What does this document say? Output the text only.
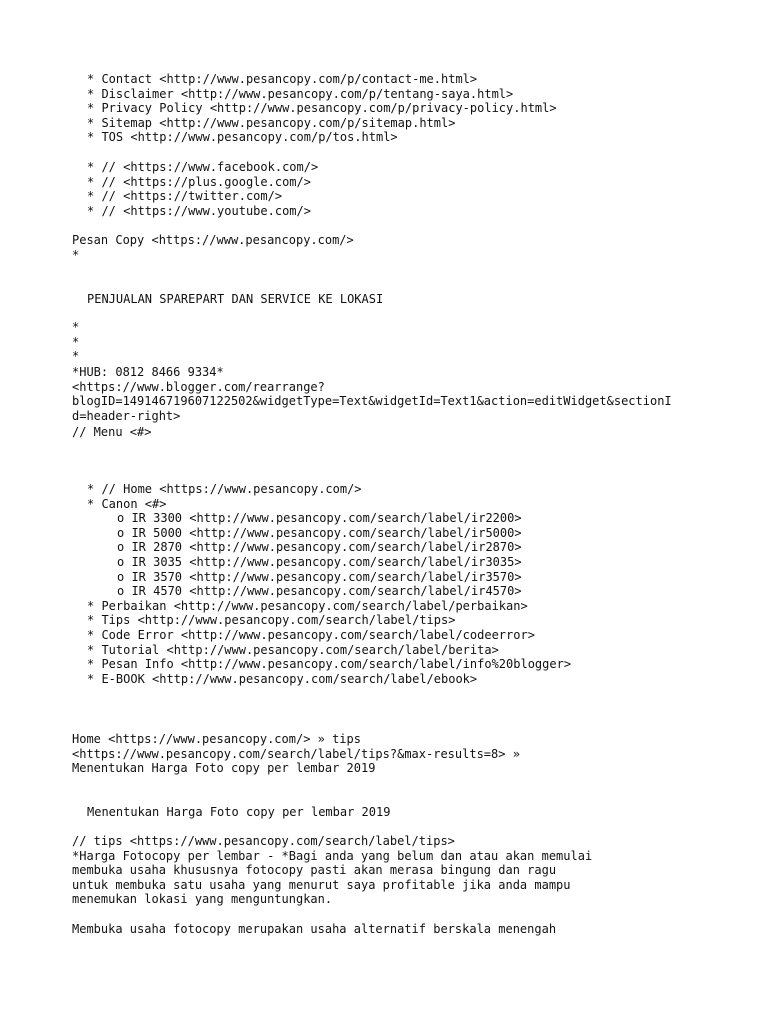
* Contact <http://www.pesancopy.com/p/contact-me.html>
* Disclaimer <http://www.pesancopy.com/p/tentang-saya.html>
* Privacy Policy <http://www.pesancopy.com/p/privacy-policy.html>
* Sitemap <http://www.pesancopy.com/p/sitemap.html>
* TOS <http://www.pesancopy.com/p/tos.html>
* // <https://www.facebook.com/>
* // <https://plus.google.com/>
* // <https://twitter.com/>
* // <https://www.youtube.com/>
Pesan Copy <https://www.pesancopy.com/>
*
PENJUALAN SPAREPART DAN SERVICE KE LOKASI
*
*
*
*HUB: 0812 8466 9334*
<https://www.blogger.com/rearrange?
blogID=149146719607122502&widgetType=Text&widgetId=Text1&action=editWidget&sectionI
d=header-right>
// Menu <#>
* // Home <https://www.pesancopy.com/>
* Canon <#>
o IR 3300 <http://www.pesancopy.com/search/label/ir2200>
o IR 5000 <http://www.pesancopy.com/search/label/ir5000>
o IR 2870 <http://www.pesancopy.com/search/label/ir2870>
o IR 3035 <http://www.pesancopy.com/search/label/ir3035>
o IR 3570 <http://www.pesancopy.com/search/label/ir3570>
o IR 4570 <http://www.pesancopy.com/search/label/ir4570>
* Perbaikan <http://www.pesancopy.com/search/label/perbaikan>
* Tips <http://www.pesancopy.com/search/label/tips>
* Code Error <http://www.pesancopy.com/search/label/codeerror>
* Tutorial <http://www.pesancopy.com/search/label/berita>
* Pesan Info <http://www.pesancopy.com/search/label/info%20blogger>
* E-BOOK <http://www.pesancopy.com/search/label/ebook>
Home <https://www.pesancopy.com/> » tips
<https://www.pesancopy.com/search/label/tips?&max-results=8> »
Menentukan Harga Foto copy per lembar 2019
Menentukan Harga Foto copy per lembar 2019
// tips <https://www.pesancopy.com/search/label/tips>
*Harga Fotocopy per lembar - *Bagi anda yang belum dan atau akan memulai
membuka usaha khususnya fotocopy pasti akan merasa bingung dan ragu
untuk membuka satu usaha yang menurut saya profitable jika anda mampu
menemukan lokasi yang menguntungkan.
Membuka usaha fotocopy merupakan usaha alternatif berskala menengah
